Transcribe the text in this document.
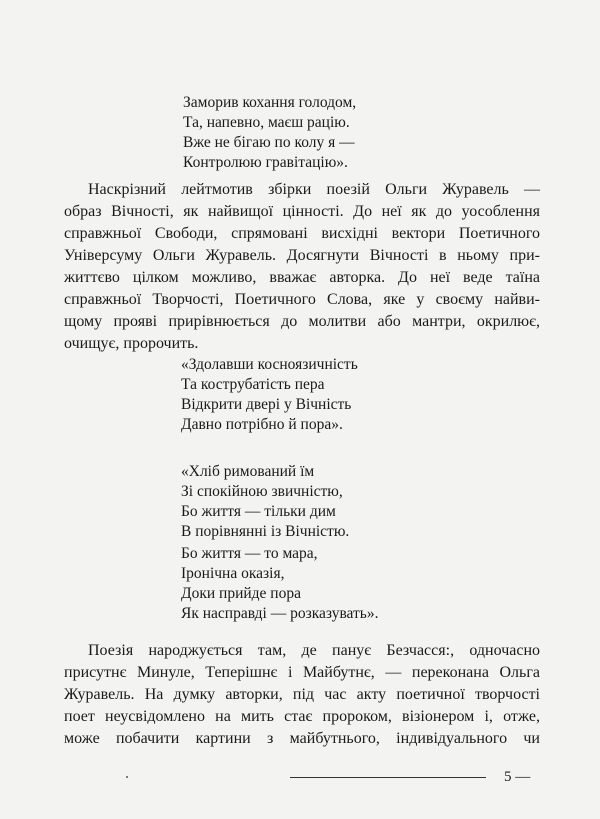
Заморив кохання голодом,
Та, напевно, маєш рацію.
Вже не бігаю по колу я —
Контролюю гравітацію».
Наскрізний лейтмотив збірки поезій Ольги Журавель —
образ Вічності, як найвищої цінності. До неї як до уособлення
справжньої Свободи, спрямовані висхідні вектори Поетичного
Універсуму Ольги Журавель. Досягнути Вічності в ньому при-
життєво цілком можливо, вважає авторка. До неї веде таїна
справжньої Творчості, Поетичного Слова, яке у своєму найви-
щому прояві прирівнюється до молитви або мантри, окрилює,
очищує, пророчить.
«Здолавши косноязичність
Та кострубатість пера
Відкрити двері у Вічність
Давно потрібно й пора».
«Хліб римований їм
Зі спокійною звичністю,
Бо життя — тільки дим
В порівнянні із Вічністю.
Бо життя — то мара,
Іронічна оказія,
Доки прийде пора
Як насправді — розказувать».
Поезія народжується там, де панує Безчасся:, одночасно
присутнє Минуле, Теперішнє і Майбутнє, — переконана Ольга
Журавель. На думку авторки, під час акту поетичної творчості
поет неусвідомлено на мить стає пророком, візіонером і, отже,
може побачити картини з майбутнього, індивідуального чи
5 —
